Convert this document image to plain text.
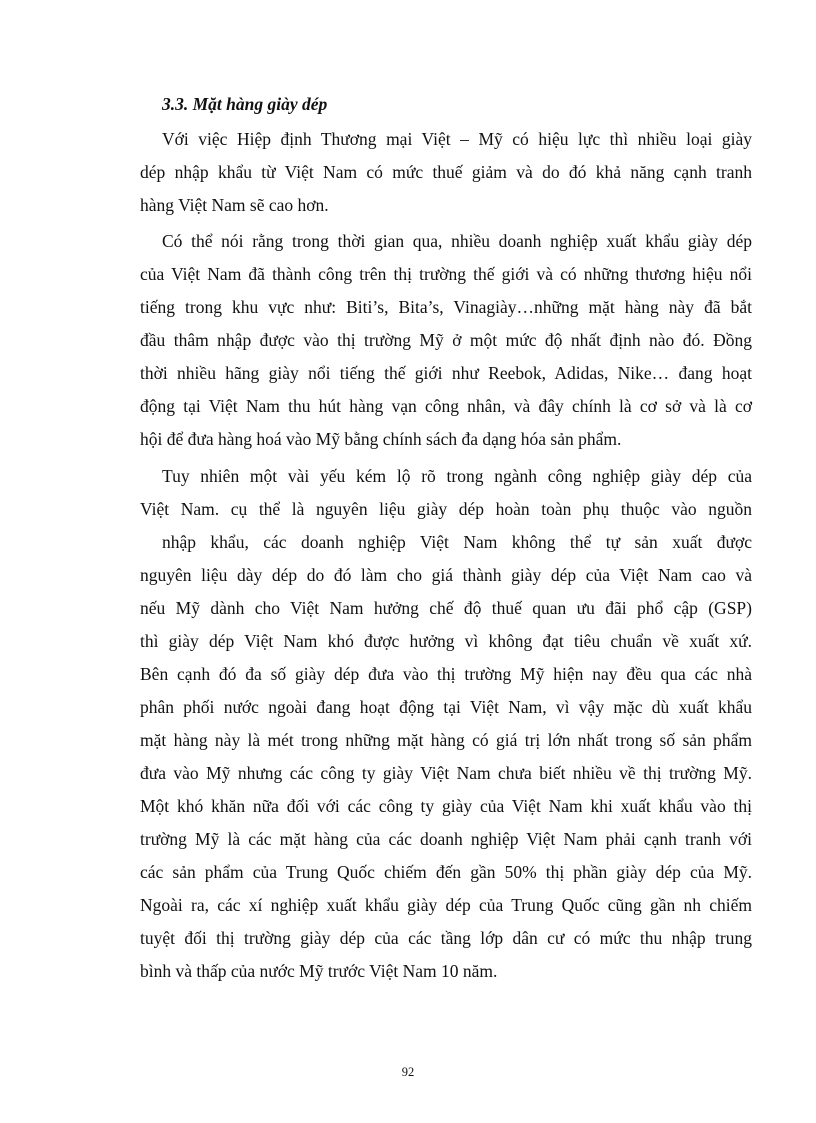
3.3. Mặt hàng giày dép
Với việc Hiệp định Thương mại Việt – Mỹ có hiệu lực thì nhiều loại giày
dép nhập khẩu từ Việt Nam có mức thuế giảm và do đó khả năng cạnh tranh
hàng Việt Nam sẽ cao hơn.
Có thể nói rằng trong thời gian qua, nhiều doanh nghiệp xuất khẩu giày dép
của Việt Nam đã thành công trên thị trường thế giới và có những thương hiệu nổi
tiếng trong khu vực như: Biti’s, Bita’s, Vinagiày…những mặt hàng này đã bắt
đầu thâm nhập được vào thị trường Mỹ ở một mức độ nhất định nào đó. Đồng
thời nhiều hãng giày nổi tiếng thế giới như Reebok, Adidas, Nike… đang hoạt
động tại Việt Nam thu hút hàng vạn công nhân, và đây chính là cơ sở và là cơ
hội để đưa hàng hoá vào Mỹ bằng chính sách đa dạng hóa sản phẩm.
Tuy nhiên một vài yếu kém lộ rõ trong ngành công nghiệp giày dép của
Việt Nam. cụ thể là nguyên liệu giày dép hoàn toàn phụ thuộc vào nguồn
nhập khẩu, các doanh nghiệp Việt Nam không thể tự sản xuất được
nguyên liệu dày dép do đó làm cho giá thành giày dép của Việt Nam cao và
nếu Mỹ dành cho Việt Nam hưởng chế độ thuế quan ưu đãi phổ cập (GSP)
thì giày dép Việt Nam khó được hưởng vì không đạt tiêu chuẩn về xuất xứ.
Bên cạnh đó đa số giày dép đưa vào thị trường Mỹ hiện nay đều qua các nhà
phân phối nước ngoài đang hoạt động tại Việt Nam, vì vậy mặc dù xuất khẩu
mặt hàng này là mét trong những mặt hàng có giá trị lớn nhất trong số sản phẩm
đưa vào Mỹ nhưng các công ty giày Việt Nam chưa biết nhiều về thị trường Mỹ.
Một khó khăn nữa đối với các công ty giày của Việt Nam khi xuất khẩu vào thị
trường Mỹ là các mặt hàng của các doanh nghiệp Việt Nam phải cạnh tranh với
các sản phẩm của Trung Quốc chiếm đến gần 50% thị phần giày dép của Mỹ.
Ngoài ra, các xí nghiệp xuất khẩu giày dép của Trung Quốc cũng gần nh chiếm
tuyệt đối thị trường giày dép của các tầng lớp dân cư có mức thu nhập trung
bình và thấp của nước Mỹ trước Việt Nam 10 năm.
92
